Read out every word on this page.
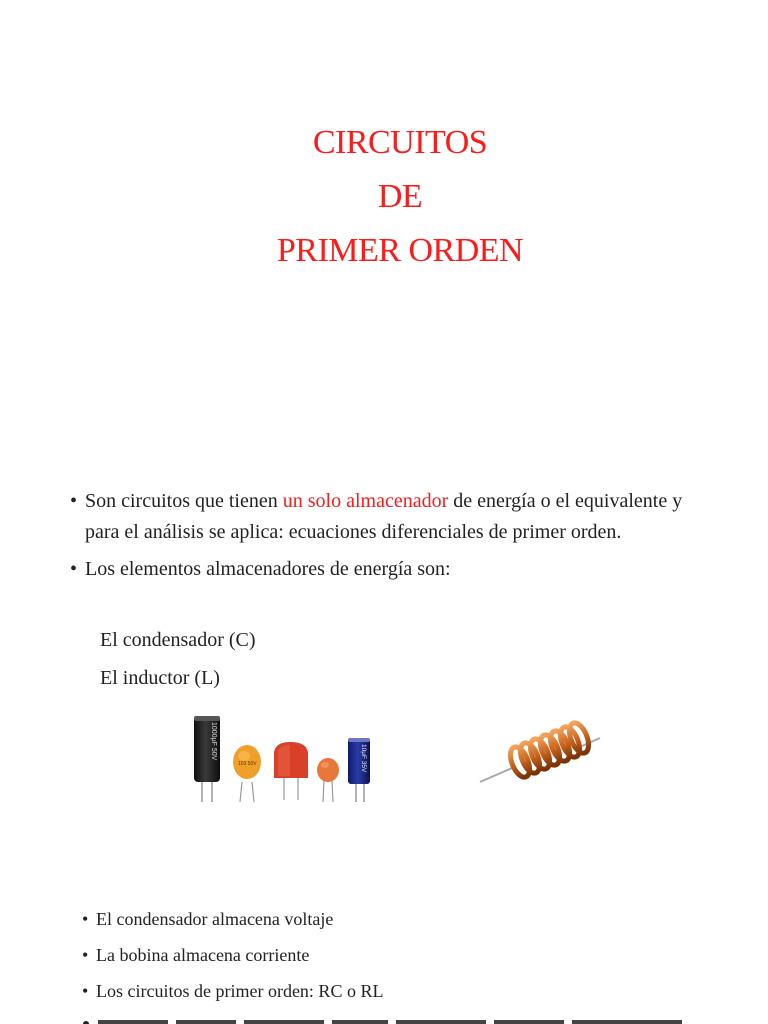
CIRCUITOS
DE
PRIMER ORDEN
• Son circuitos que tienen un solo almacenador de energía o el equivalente y para el análisis se aplica: ecuaciones diferenciales de primer orden.
• Los elementos almacenadores de energía son:
El condensador (C)
El inductor (L)
1000μF 50V
103 50V	10μF 35V
• El condensador almacena voltaje
• La bobina almacena corriente
• Los circuitos de primer orden: RC o RL
